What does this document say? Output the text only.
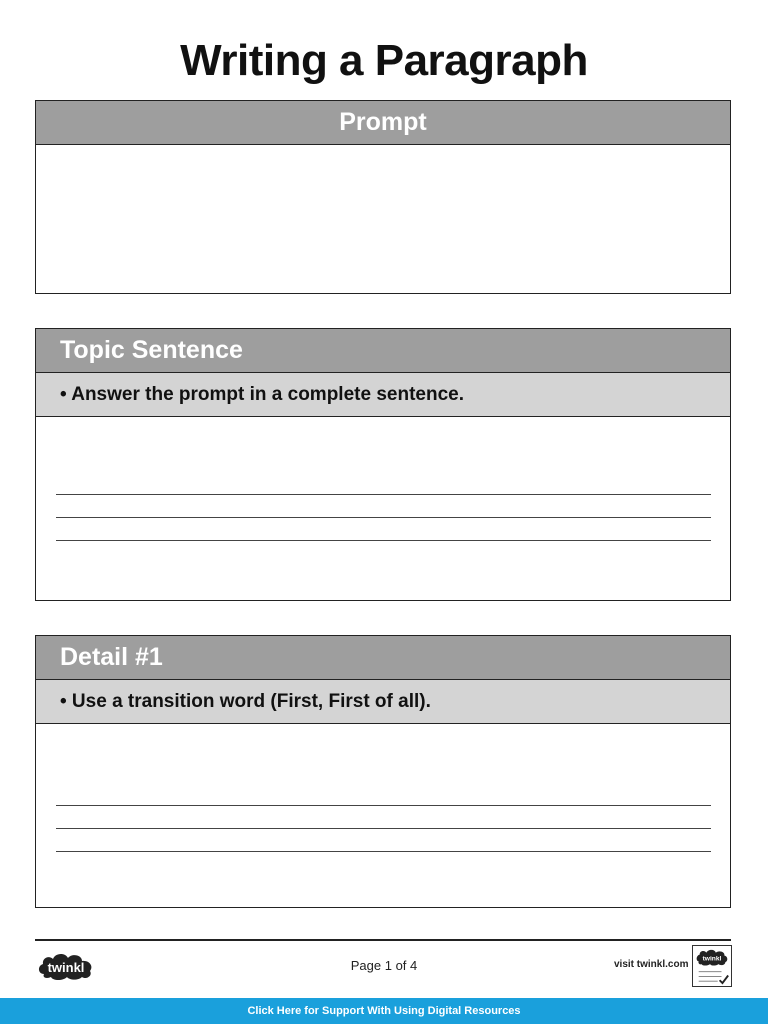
Writing a Paragraph
Prompt
Topic Sentence
• Answer the prompt in a complete sentence.
Detail #1
• Use a transition word (First, First of all).
twinkl	Page 1 of 4	visit twinkl.com
twinkl
Click Here for Support With Using Digital Resources
